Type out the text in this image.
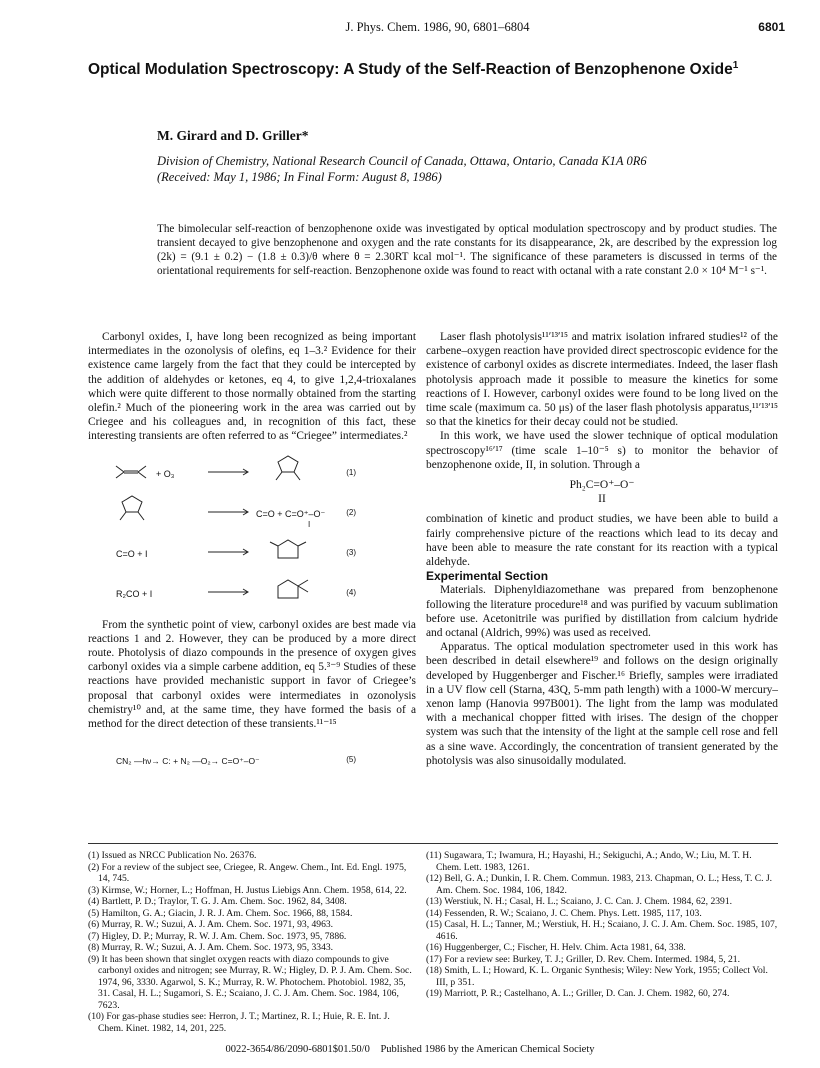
J. Phys. Chem. 1986, 90, 6801–6804	6801
Optical Modulation Spectroscopy: A Study of the Self-Reaction of Benzophenone Oxide$^1$
M. Girard and D. Griller*
Division of Chemistry, National Research Council of Canada, Ottawa, Ontario, Canada K1A 0R6
(Received: May 1, 1986; In Final Form: August 8, 1986)

The bimolecular self-reaction of benzophenone oxide was investigated by optical modulation spectroscopy and by product studies. The transient decayed to give benzophenone and oxygen and the rate constants for its disappearance, 2k, are described by the expression log (2k) = (9.1 ± 0.2) − (1.8 ± 0.3)/θ where θ = 2.30RT kcal mol⁻¹. The significance of these parameters is discussed in terms of the orientational requirements for self-reaction. Benzophenone oxide was found to react with octanal with a rate constant 2.0 × 10⁴ M⁻¹ s⁻¹.

Carbonyl oxides, I, have long been recognized as being important intermediates in the ozonolysis of olefins, eq 1–3.² Evidence for their existence came largely from the fact that they could be intercepted by the addition of aldehydes or ketones, eq 4, to give 1,2,4-trioxalanes which were quite different to those normally obtained from the starting olefin.² Much of the pioneering work in the area was carried out by Criegee and his colleagues and, in recognition of this fact, these interesting transients are often referred to as “Criegee” intermediates.²

+ O₃	(1)
C=O + C=O⁺–O⁻
I
(2)
C=O + I	(3)
R₂CO + I	(4)

From the synthetic point of view, carbonyl oxides are best made via reactions 1 and 2. However, they can be produced by a more direct route. Photolysis of diazo compounds in the presence of oxygen gives carbonyl oxides via a simple carbene addition, eq 5.³⁻⁹ Studies of these reactions have provided mechanistic support in favor of Criegee’s proposal that carbonyl oxides were intermediates in ozonolysis chemistry¹⁰ and, at the same time, they have formed the basis of a method for the direct detection of these transients.¹¹⁻¹⁵

CN₂ —hν→ C: + N₂ —O₂→ C=O⁺–O⁻	(5)

Laser flash photolysis¹¹ʹ¹³ʹ¹⁵ and matrix isolation infrared studies¹² of the carbene–oxygen reaction have provided direct spectroscopic evidence for the existence of carbonyl oxides as discrete intermediates. Indeed, the laser flash photolysis approach made it possible to measure the kinetics for some reactions of I. However, carbonyl oxides were found to be long lived on the time scale (maximum ca. 50 μs) of the laser flash photolysis apparatus,¹¹ʹ¹³ʹ¹⁵ so that the kinetics for their decay could not be studied.

In this work, we have used the slower technique of optical modulation spectroscopy¹⁶ʹ¹⁷ (time scale 1–10⁻⁵ s) to monitor the behavior of benzophenone oxide, II, in solution. Through a

Ph₂C=O⁺–O⁻
II

combination of kinetic and product studies, we have been able to build a fairly comprehensive picture of the reactions which lead to its decay and have been able to measure the rate constant for its reaction with a typical aldehyde.

Experimental Section

Materials. Diphenyldiazomethane was prepared from benzophenone following the literature procedure¹⁸ and was purified by vacuum sublimation before use. Acetonitrile was purified by distillation from calcium hydride and octanal (Aldrich, 99%) was used as received.

Apparatus. The optical modulation spectrometer used in this work has been described in detail elsewhere¹⁹ and follows on the design originally developed by Huggenberger and Fischer.¹⁶ Briefly, samples were irradiated in a UV flow cell (Starna, 43Q, 5-mm path length) with a 1000-W mercury–xenon lamp (Hanovia 997B001). The light from the lamp was modulated with a mechanical chopper fitted with irises. The design of the chopper system was such that the intensity of the light at the sample cell rose and fell as a sine wave. Accordingly, the concentration of transient generated by the photolysis was also sinusoidally modulated.

(1) Issued as NRCC Publication No. 26376.
(2) For a review of the subject see, Criegee, R. Angew. Chem., Int. Ed. Engl. 1975, 14, 745.
(3) Kirmse, W.; Horner, L.; Hoffman, H. Justus Liebigs Ann. Chem. 1958, 614, 22.
(4) Bartlett, P. D.; Traylor, T. G. J. Am. Chem. Soc. 1962, 84, 3408.
(5) Hamilton, G. A.; Giacin, J. R. J. Am. Chem. Soc. 1966, 88, 1584.
(6) Murray, R. W.; Suzui, A. J. Am. Chem. Soc. 1971, 93, 4963.
(7) Higley, D. P.; Murray, R. W. J. Am. Chem. Soc. 1973, 95, 7886.
(8) Murray, R. W.; Suzui, A. J. Am. Chem. Soc. 1973, 95, 3343.
(9) It has been shown that singlet oxygen reacts with diazo compounds to give carbonyl oxides and nitrogen; see Murray, R. W.; Higley, D. P. J. Am. Chem. Soc. 1974, 96, 3330. Agarwol, S. K.; Murray, R. W. Photochem. Photobiol. 1982, 35, 31. Casal, H. L.; Sugamori, S. E.; Scaiano, J. C. J. Am. Chem. Soc. 1984, 106, 7623.
(10) For gas-phase studies see: Herron, J. T.; Martinez, R. I.; Huie, R. E. Int. J. Chem. Kinet. 1982, 14, 201, 225.
(11) Sugawara, T.; Iwamura, H.; Hayashi, H.; Sekiguchi, A.; Ando, W.; Liu, M. T. H. Chem. Lett. 1983, 1261.
(12) Bell, G. A.; Dunkin, I. R. Chem. Commun. 1983, 213. Chapman, O. L.; Hess, T. C. J. Am. Chem. Soc. 1984, 106, 1842.
(13) Werstiuk, N. H.; Casal, H. L.; Scaiano, J. C. Can. J. Chem. 1984, 62, 2391.
(14) Fessenden, R. W.; Scaiano, J. C. Chem. Phys. Lett. 1985, 117, 103.
(15) Casal, H. L.; Tanner, M.; Werstiuk, H. H.; Scaiano, J. C. J. Am. Chem. Soc. 1985, 107, 4616.
(16) Huggenberger, C.; Fischer, H. Helv. Chim. Acta 1981, 64, 338.
(17) For a review see: Burkey, T. J.; Griller, D. Rev. Chem. Intermed. 1984, 5, 21.
(18) Smith, L. I.; Howard, K. L. Organic Synthesis; Wiley: New York, 1955; Collect Vol. III, p 351.
(19) Marriott, P. R.; Castelhano, A. L.; Griller, D. Can. J. Chem. 1982, 60, 274.
0022-3654/86/2090-6801$01.50/0 Published 1986 by the American Chemical Society
